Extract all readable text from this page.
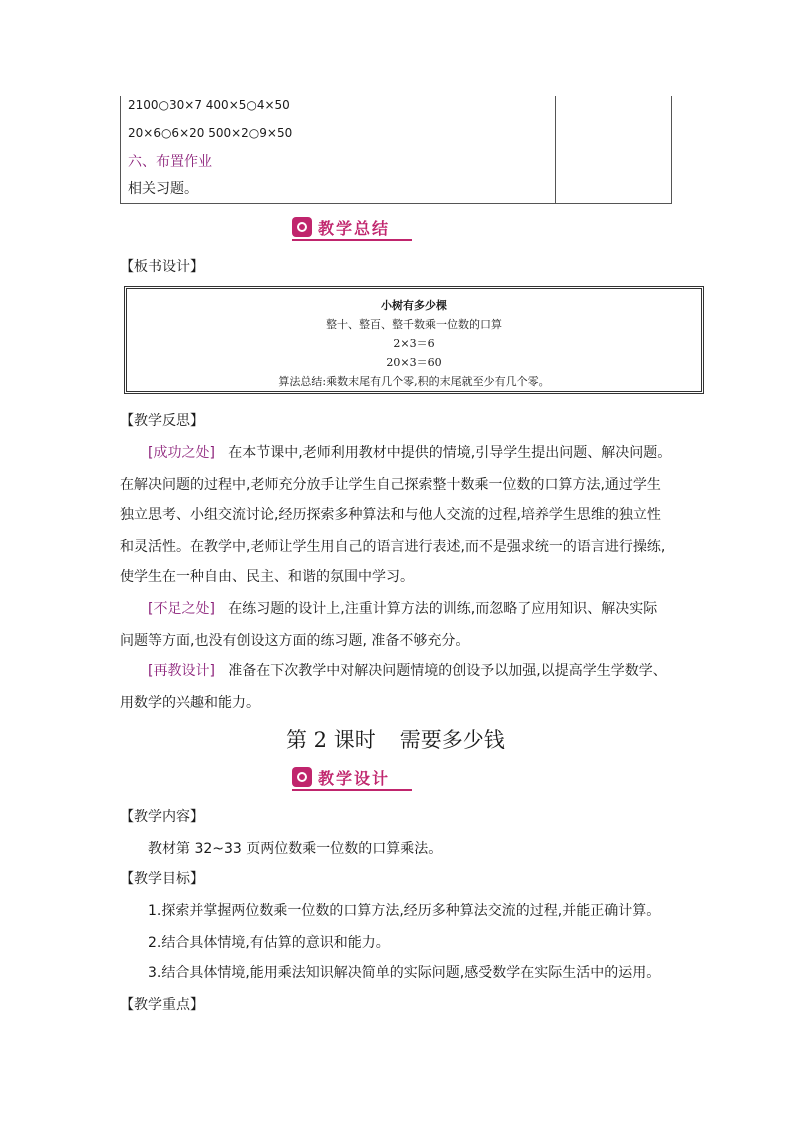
2100○30×7 400×5○4×50
20×6○6×20 500×2○9×50
六、布置作业
相关习题。
教学总结
【板书设计】
小树有多少棵
整十、整百、整千数乘一位数的口算
2×3＝6
20×3＝60
算法总结:乘数末尾有几个零,积的末尾就至少有几个零。
【教学反思】
[成功之处] 在本节课中,老师利用教材中提供的情境,引导学生提出问题、解决问题。
在解决问题的过程中,老师充分放手让学生自己探索整十数乘一位数的口算方法,通过学生
独立思考、小组交流讨论,经历探索多种算法和与他人交流的过程,培养学生思维的独立性
和灵活性。在教学中,老师让学生用自己的语言进行表述,而不是强求统一的语言进行操练,
使学生在一种自由、民主、和谐的氛围中学习。
[不足之处] 在练习题的设计上,注重计算方法的训练,而忽略了应用知识、解决实际
问题等方面,也没有创设这方面的练习题, 准备不够充分。
[再教设计] 准备在下次教学中对解决问题情境的创设予以加强,以提高学生学数学、
用数学的兴趣和能力。
第 2 课时 需要多少钱
教学设计
【教学内容】
教材第 32~33 页两位数乘一位数的口算乘法。
【教学目标】
1.探索并掌握两位数乘一位数的口算方法,经历多种算法交流的过程,并能正确计算。
2.结合具体情境,有估算的意识和能力。
3.结合具体情境,能用乘法知识解决简单的实际问题,感受数学在实际生活中的运用。
【教学重点】
